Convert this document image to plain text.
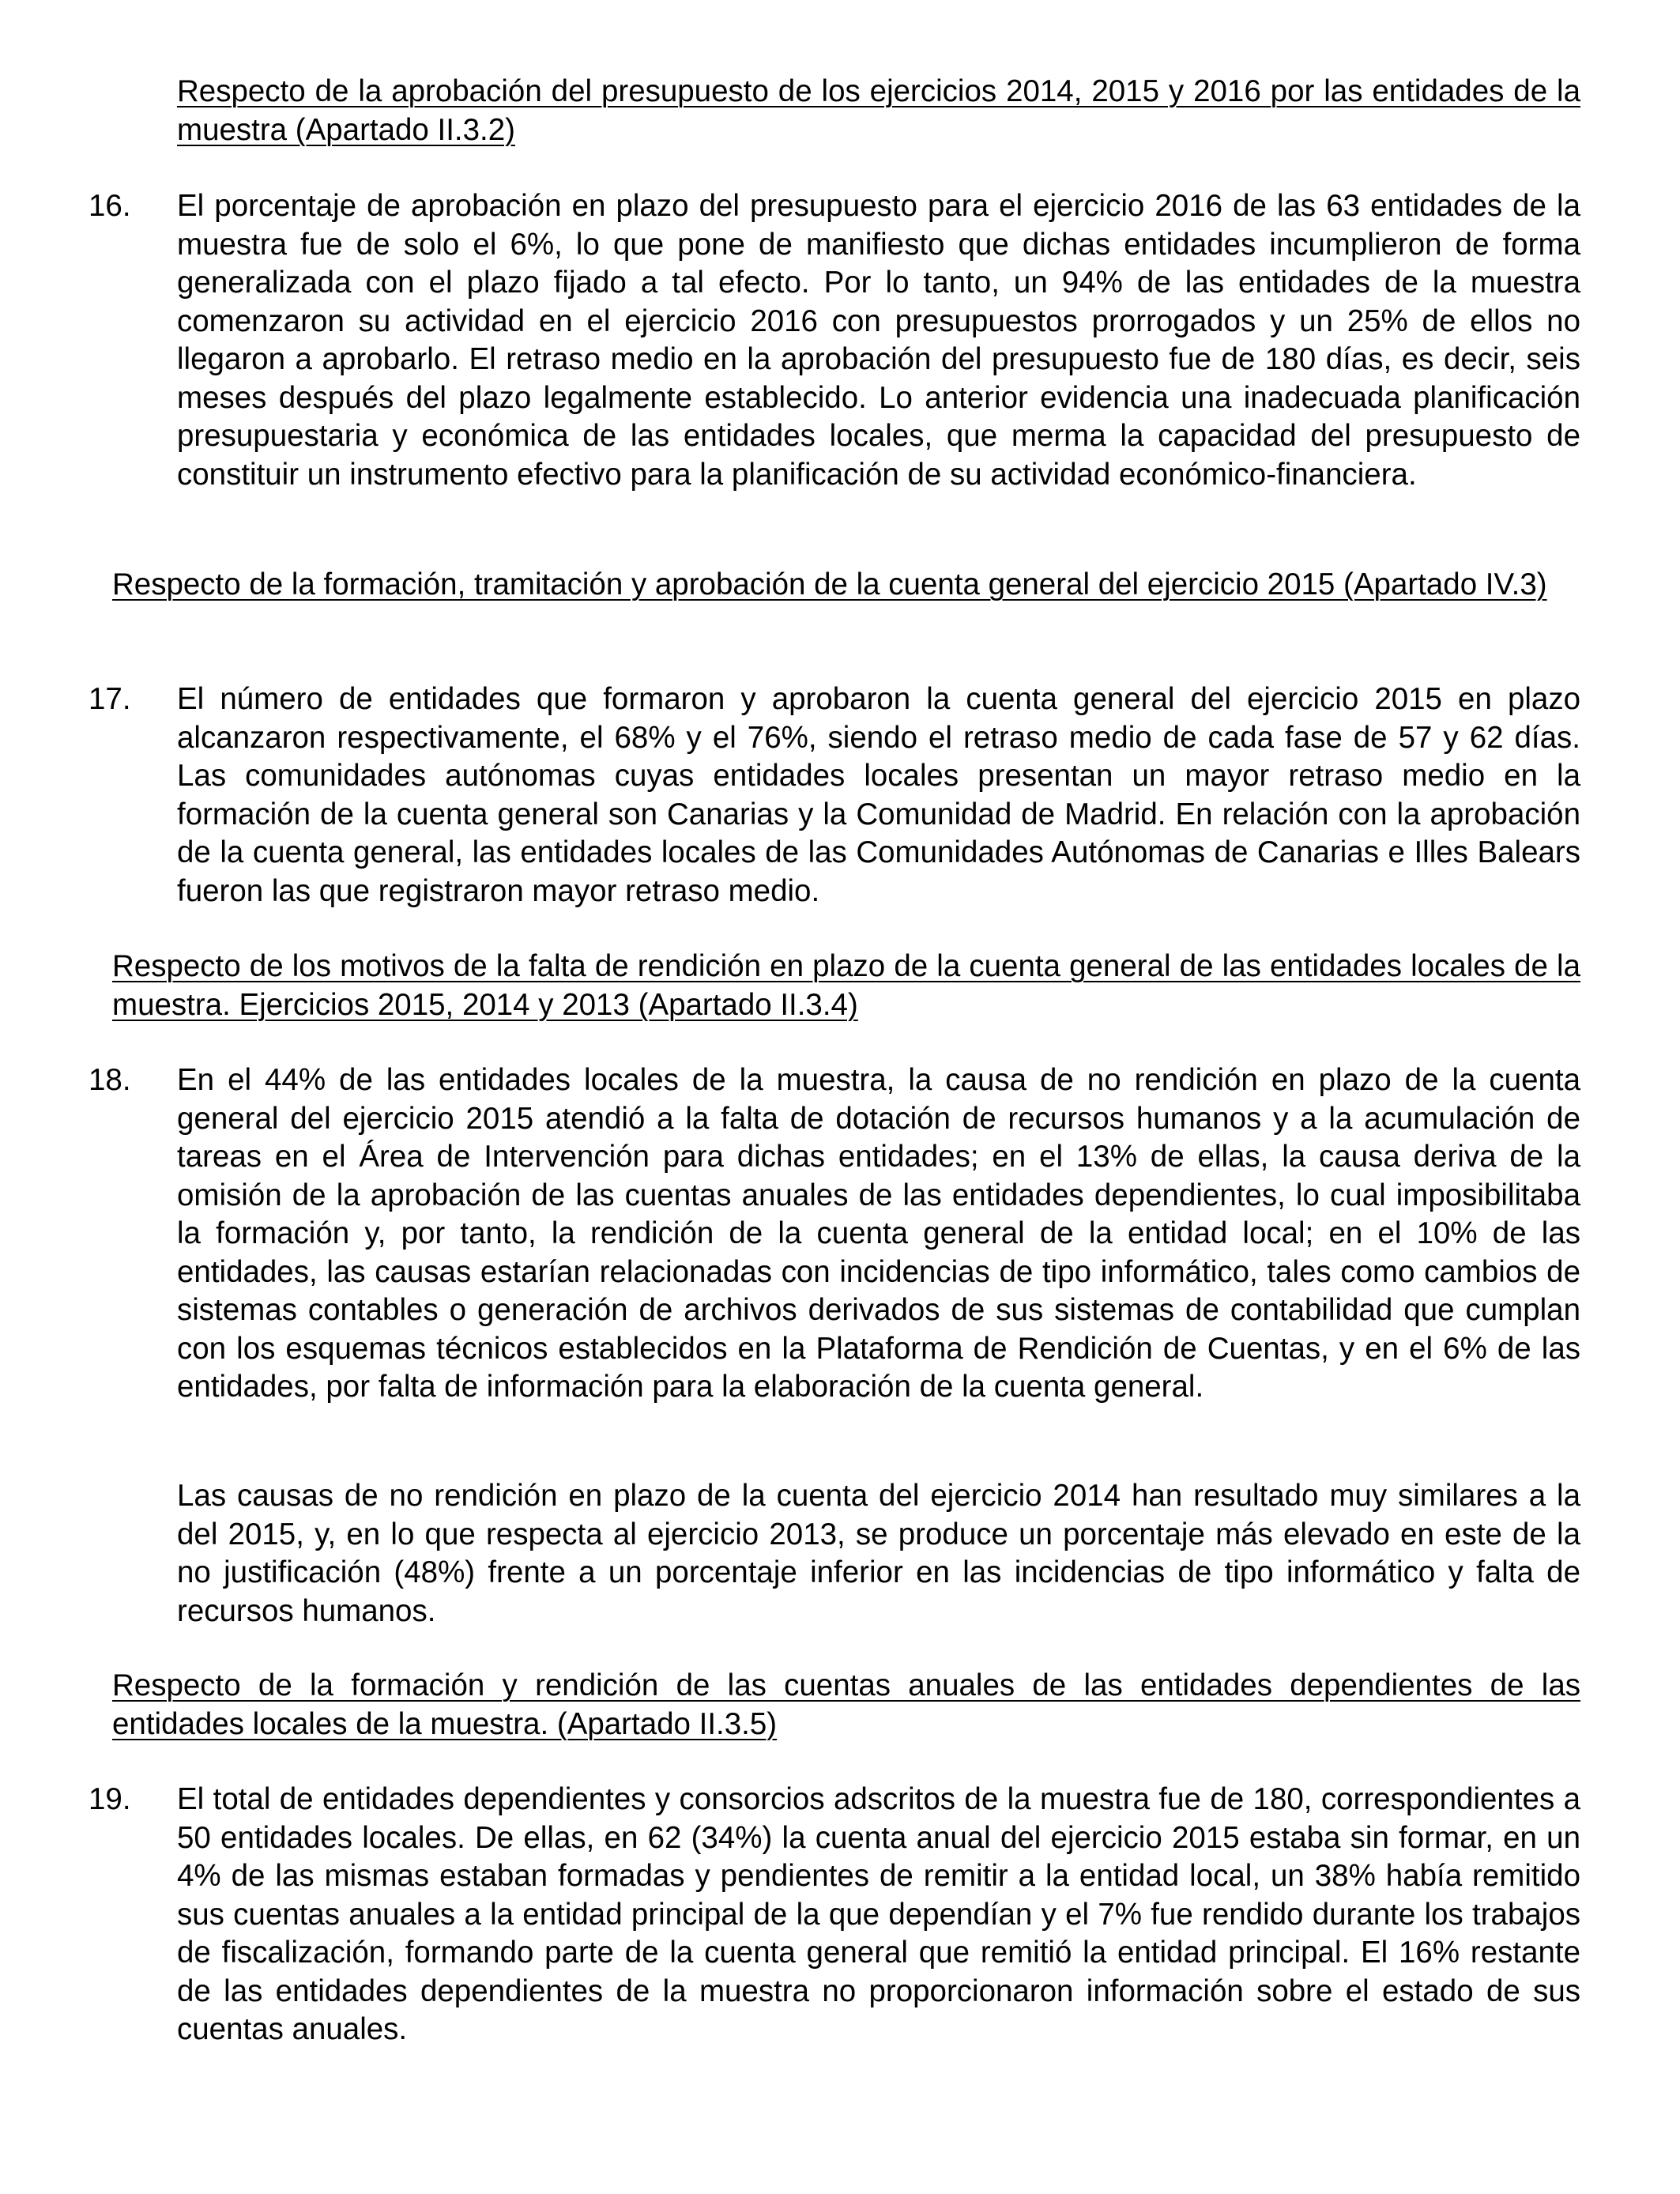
Respecto de la aprobación del presupuesto de los ejercicios 2014, 2015 y 2016 por las entidades de la muestra (Apartado II.3.2)
16. El porcentaje de aprobación en plazo del presupuesto para el ejercicio 2016 de las 63 entidades de la muestra fue de solo el 6%, lo que pone de manifiesto que dichas entidades incumplieron de forma generalizada con el plazo fijado a tal efecto. Por lo tanto, un 94% de las entidades de la muestra comenzaron su actividad en el ejercicio 2016 con presupuestos prorrogados y un 25% de ellos no llegaron a aprobarlo. El retraso medio en la aprobación del presupuesto fue de 180 días, es decir, seis meses después del plazo legalmente establecido. Lo anterior evidencia una inadecuada planificación presupuestaria y económica de las entidades locales, que merma la capacidad del presupuesto de constituir un instrumento efectivo para la planificación de su actividad económico-financiera.
Respecto de la formación, tramitación y aprobación de la cuenta general del ejercicio 2015 (Apartado IV.3)
17. El número de entidades que formaron y aprobaron la cuenta general del ejercicio 2015 en plazo alcanzaron respectivamente, el 68% y el 76%, siendo el retraso medio de cada fase de 57 y 62 días. Las comunidades autónomas cuyas entidades locales presentan un mayor retraso medio en la formación de la cuenta general son Canarias y la Comunidad de Madrid. En relación con la aprobación de la cuenta general, las entidades locales de las Comunidades Autónomas de Canarias e Illes Balears fueron las que registraron mayor retraso medio.
Respecto de los motivos de la falta de rendición en plazo de la cuenta general de las entidades locales de la muestra. Ejercicios 2015, 2014 y 2013 (Apartado II.3.4)
18. En el 44% de las entidades locales de la muestra, la causa de no rendición en plazo de la cuenta general del ejercicio 2015 atendió a la falta de dotación de recursos humanos y a la acumulación de tareas en el Área de Intervención para dichas entidades; en el 13% de ellas, la causa deriva de la omisión de la aprobación de las cuentas anuales de las entidades dependientes, lo cual imposibilitaba la formación y, por tanto, la rendición de la cuenta general de la entidad local; en el 10% de las entidades, las causas estarían relacionadas con incidencias de tipo informático, tales como cambios de sistemas contables o generación de archivos derivados de sus sistemas de contabilidad que cumplan con los esquemas técnicos establecidos en la Plataforma de Rendición de Cuentas, y en el 6% de las entidades, por falta de información para la elaboración de la cuenta general.
Las causas de no rendición en plazo de la cuenta del ejercicio 2014 han resultado muy similares a la del 2015, y, en lo que respecta al ejercicio 2013, se produce un porcentaje más elevado en este de la no justificación (48%) frente a un porcentaje inferior en las incidencias de tipo informático y falta de recursos humanos.
Respecto de la formación y rendición de las cuentas anuales de las entidades dependientes de las entidades locales de la muestra. (Apartado II.3.5)
19. El total de entidades dependientes y consorcios adscritos de la muestra fue de 180, correspondientes a 50 entidades locales. De ellas, en 62 (34%) la cuenta anual del ejercicio 2015 estaba sin formar, en un 4% de las mismas estaban formadas y pendientes de remitir a la entidad local, un 38% había remitido sus cuentas anuales a la entidad principal de la que dependían y el 7% fue rendido durante los trabajos de fiscalización, formando parte de la cuenta general que remitió la entidad principal. El 16% restante de las entidades dependientes de la muestra no proporcionaron información sobre el estado de sus cuentas anuales.
